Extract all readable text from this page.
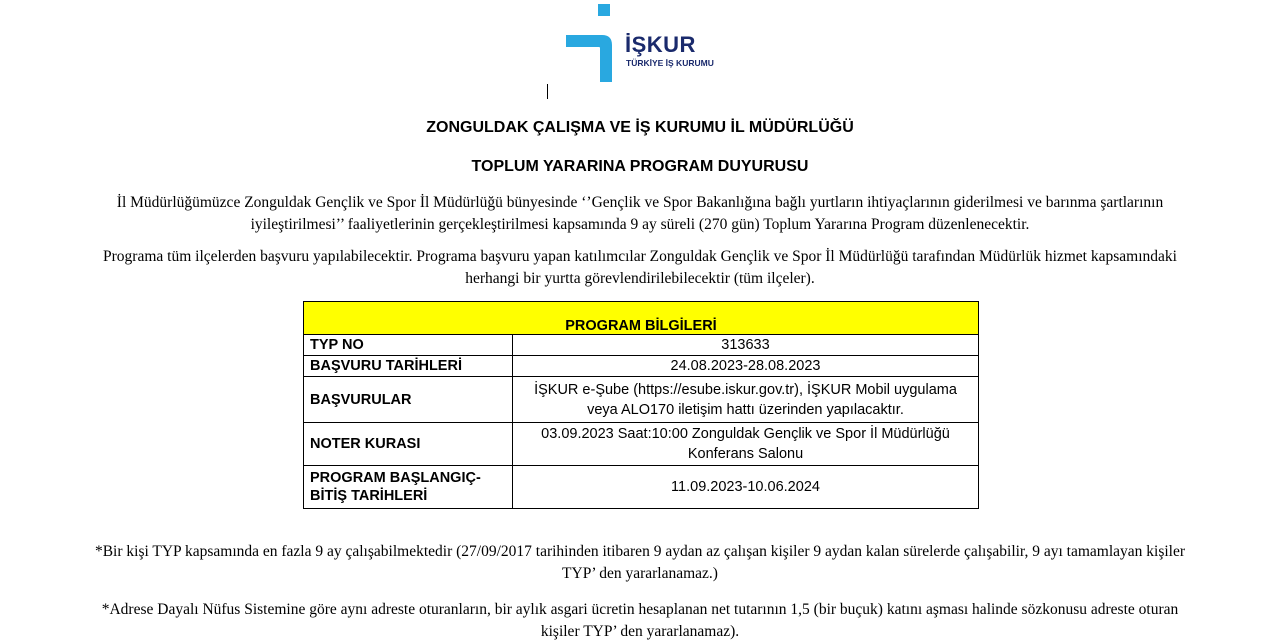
İŞKUR
TÜRKİYE İŞ KURUMU
ZONGULDAK ÇALIŞMA VE İŞ KURUMU İL MÜDÜRLÜĞÜ
TOPLUM YARARINA PROGRAM DUYURUSU
İl Müdürlüğümüzce Zonguldak Gençlik ve Spor İl Müdürlüğü bünyesinde ‘’Gençlik ve Spor Bakanlığına bağlı yurtların ihtiyaçlarının giderilmesi ve barınma şartlarının iyileştirilmesi’’ faaliyetlerinin gerçekleştirilmesi kapsamında 9 ay süreli (270 gün) Toplum Yararına Program düzenlenecektir.
Programa tüm ilçelerden başvuru yapılabilecektir. Programa başvuru yapan katılımcılar Zonguldak Gençlik ve Spor İl Müdürlüğü tarafından Müdürlük hizmet kapsamındaki herhangi bir yurtta görevlendirilebilecektir (tüm ilçeler).
PROGRAM BİLGİLERİ	
TYP NO	313633
BAŞVURU TARİHLERİ	24.08.2023-28.08.2023
BAŞVURULAR	İŞKUR e-Şube (https://esube.iskur.gov.tr), İŞKUR Mobil uygulama veya ALO170 iletişim hattı üzerinden yapılacaktır.
NOTER KURASI	03.09.2023 Saat:10:00 Zonguldak Gençlik ve Spor İl Müdürlüğü Konferans Salonu
PROGRAM BAŞLANGIÇ-BİTİŞ TARİHLERİ	11.09.2023-10.06.2024
*Bir kişi TYP kapsamında en fazla 9 ay çalışabilmektedir (27/09/2017 tarihinden itibaren 9 aydan az çalışan kişiler 9 aydan kalan sürelerde çalışabilir, 9 ayı tamamlayan kişiler TYP’ den yararlanamaz.)
*Adrese Dayalı Nüfus Sistemine göre aynı adreste oturanların, bir aylık asgari ücretin hesaplanan net tutarının 1,5 (bir buçuk) katını aşması halinde sözkonusu adreste oturan kişiler TYP’ den yararlanamaz).
